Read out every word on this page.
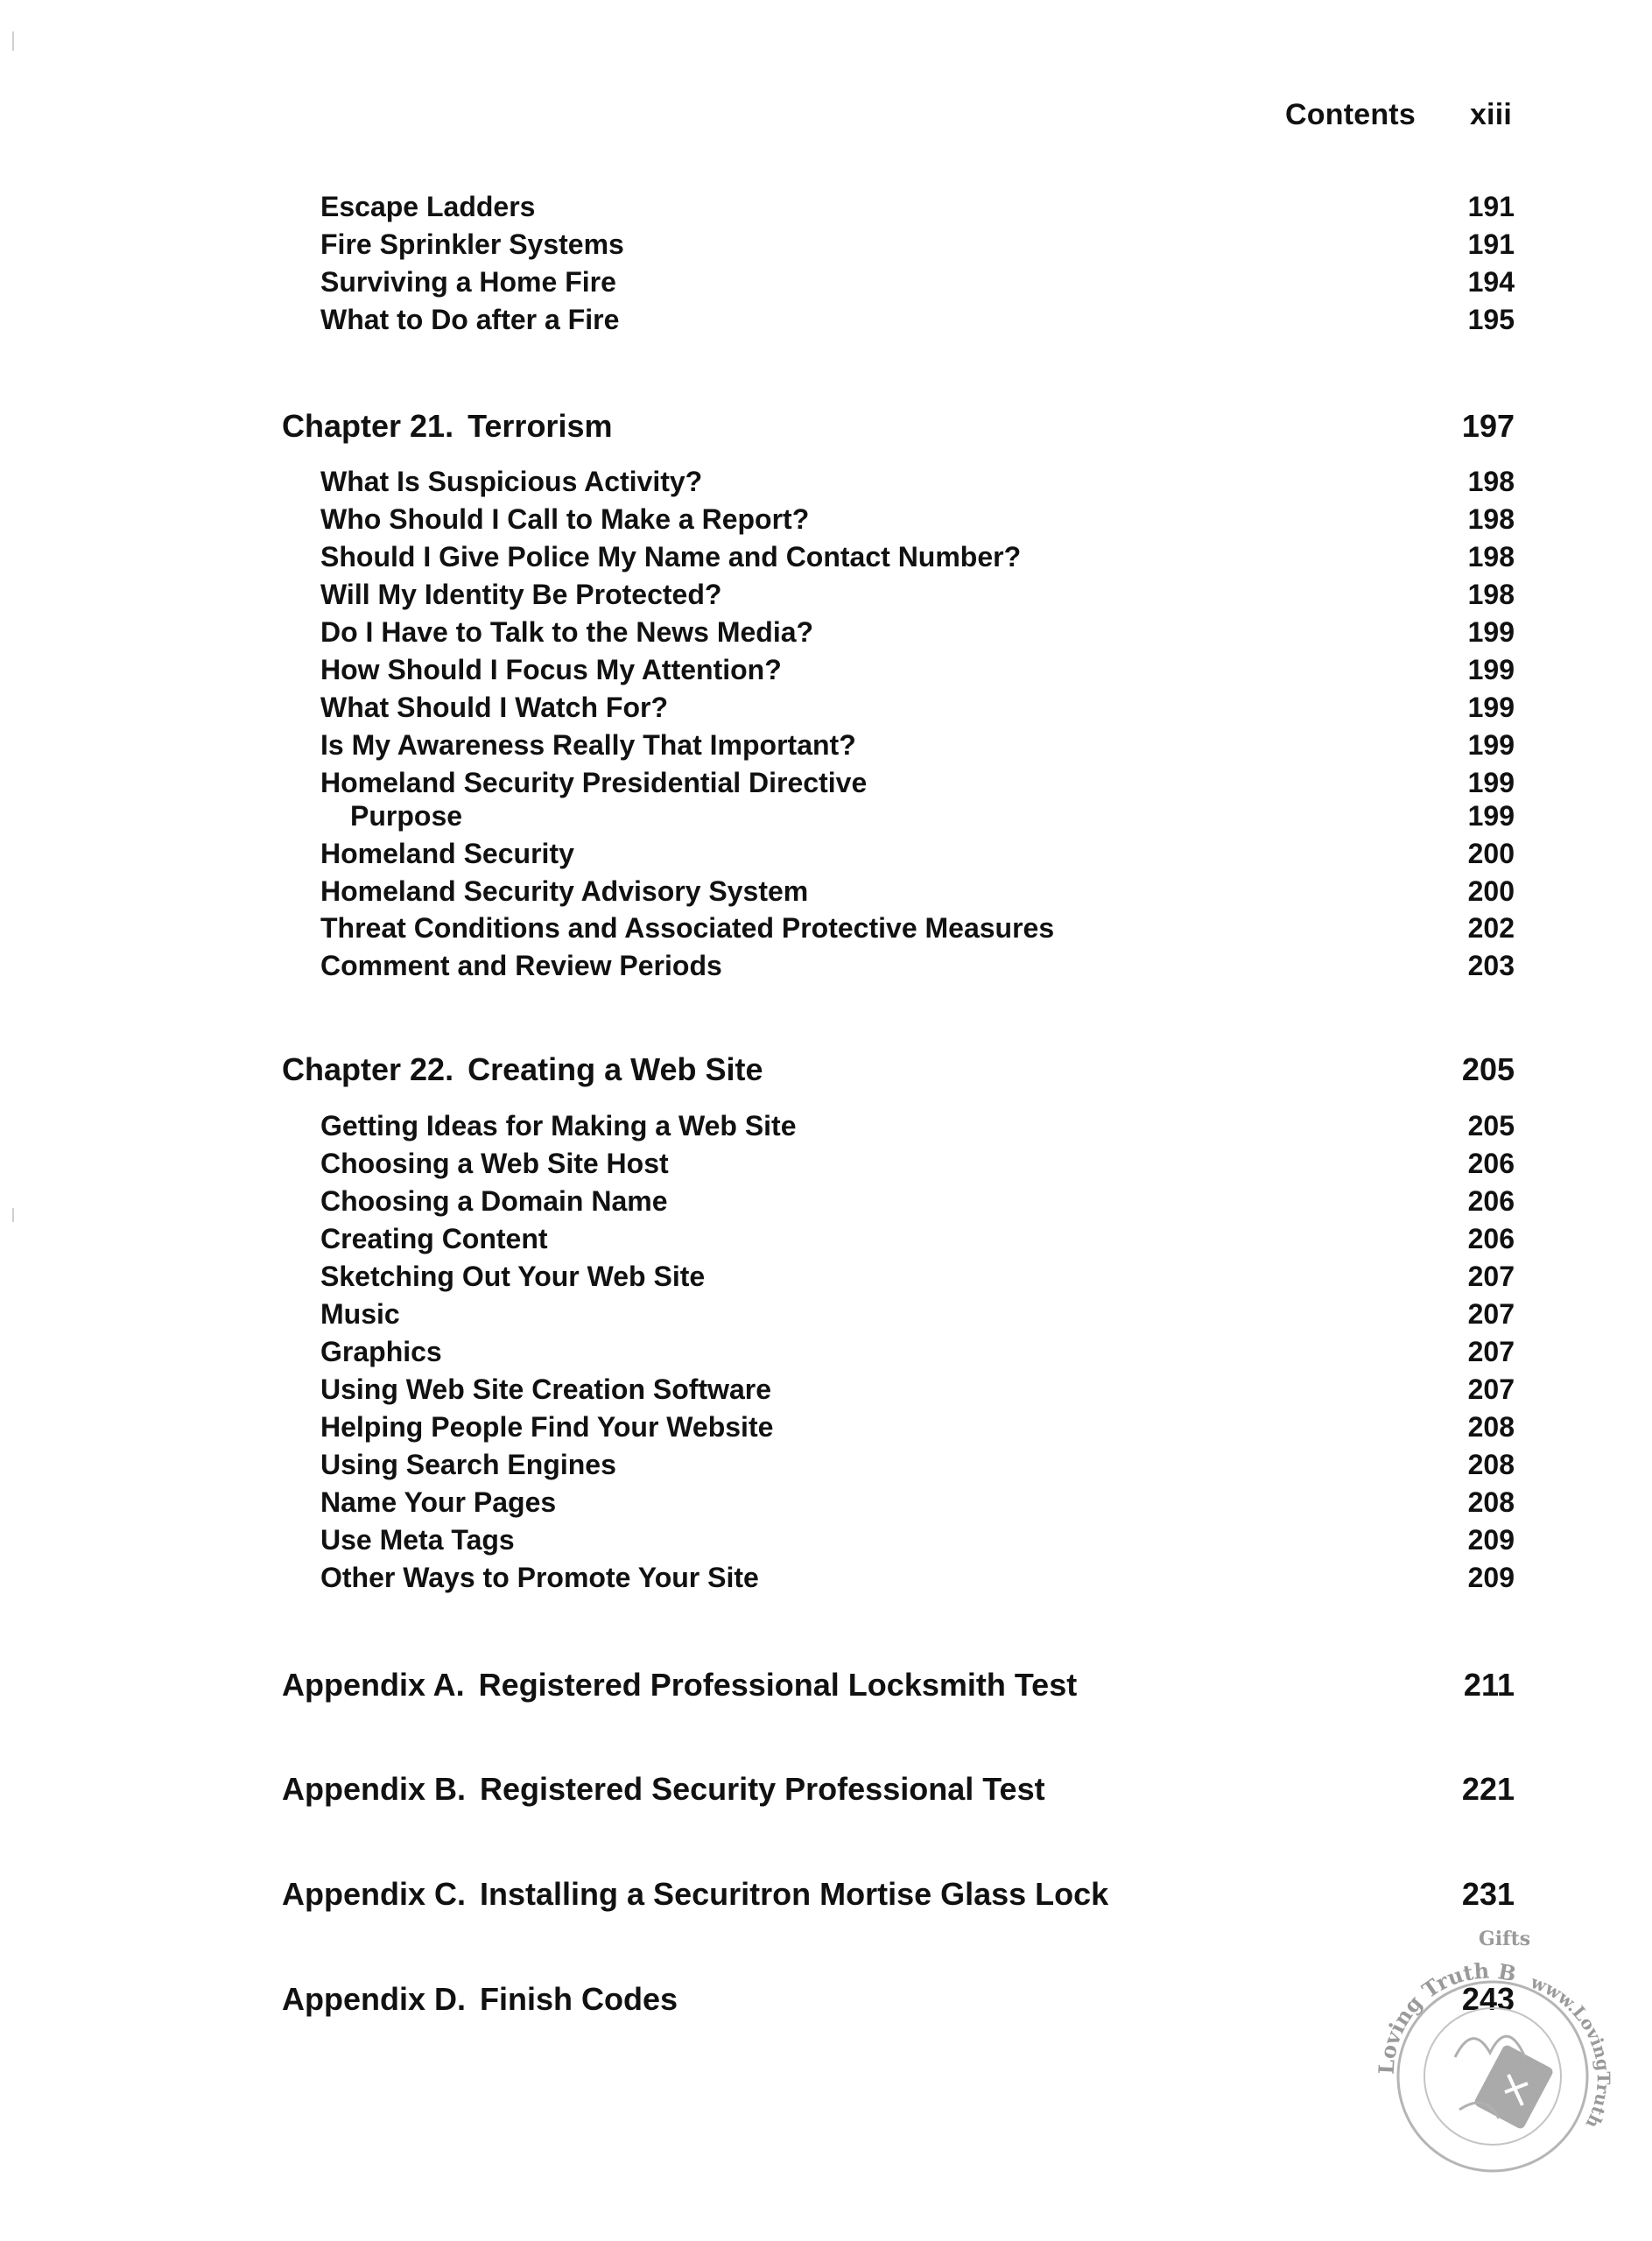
Contents xiii
Escape Ladders	191
Fire Sprinkler Systems	191
Surviving a Home Fire	194
What to Do after a Fire	195
Chapter 21. Terrorism	197
What Is Suspicious Activity?	198
Who Should I Call to Make a Report?	198
Should I Give Police My Name and Contact Number?	198
Will My Identity Be Protected?	198
Do I Have to Talk to the News Media?	199
How Should I Focus My Attention?	199
What Should I Watch For?	199
Is My Awareness Really That Important?	199
Homeland Security Presidential Directive	199
Purpose	199
Homeland Security	200
Homeland Security Advisory System	200
Threat Conditions and Associated Protective Measures	202
Comment and Review Periods	203
Chapter 22. Creating a Web Site	205
Getting Ideas for Making a Web Site	205
Choosing a Web Site Host	206
Choosing a Domain Name	206
Creating Content	206
Sketching Out Your Web Site	207
Music	207
Graphics	207
Using Web Site Creation Software	207
Helping People Find Your Website	208
Using Search Engines	208
Name Your Pages	208
Use Meta Tags	209
Other Ways to Promote Your Site	209
Appendix A. Registered Professional Locksmith Test	211
Appendix B. Registered Security Professional Test	221
Appendix C. Installing a Securitron Mortise Glass Lock	231
Appendix D. Finish Codes	243
Loving Truth B www.LovingTruth
Gifts
